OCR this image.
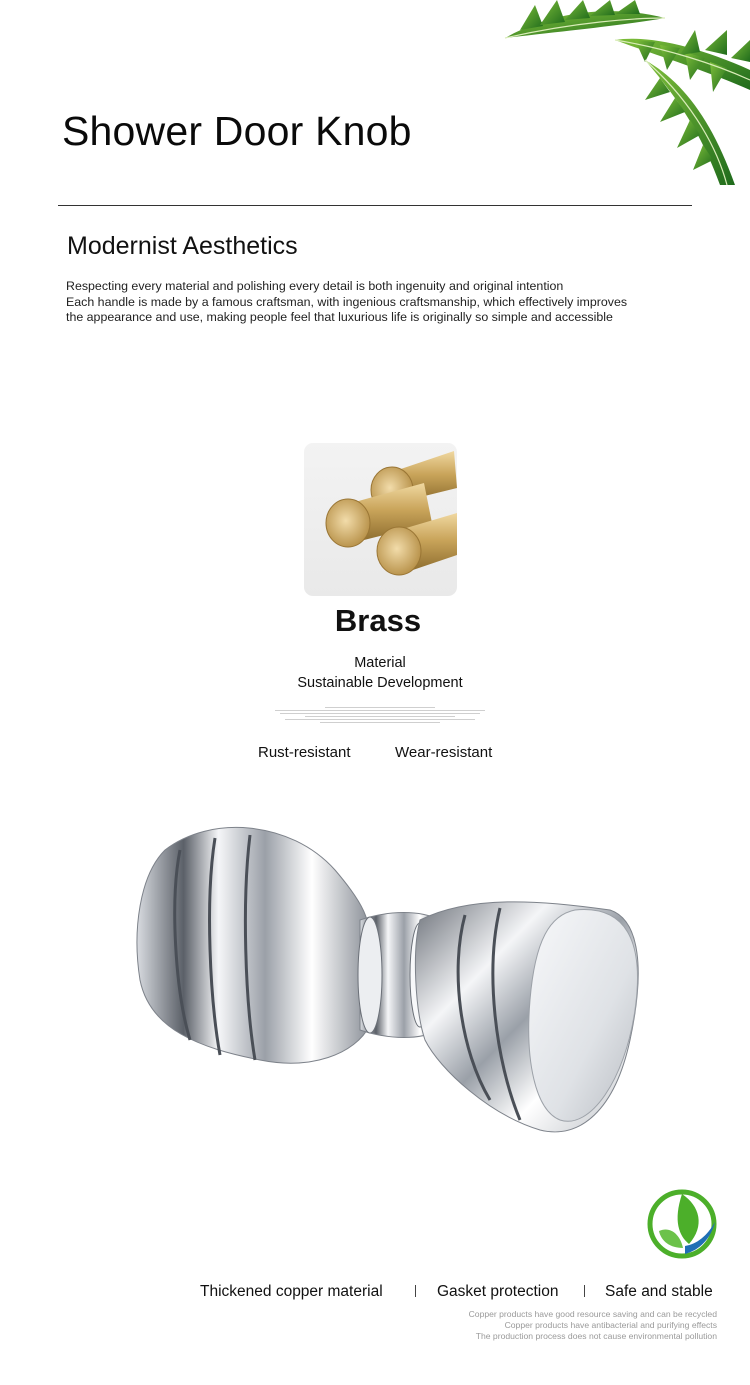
Shower Door Knob
Modernist Aesthetics
Respecting every material and polishing every detail is both ingenuity and original intention
Each handle is made by a famous craftsman, with ingenious craftsmanship, which effectively improves
the appearance and use, making people feel that luxurious life is originally so simple and accessible
Brass
Material
Sustainable Development
Rust-resistant	Wear-resistant
Thickened copper material	Gasket protection	Safe and stable
Copper products have good resource saving and can be recycled
Copper products have antibacterial and purifying effects
The production process does not cause environmental pollution
